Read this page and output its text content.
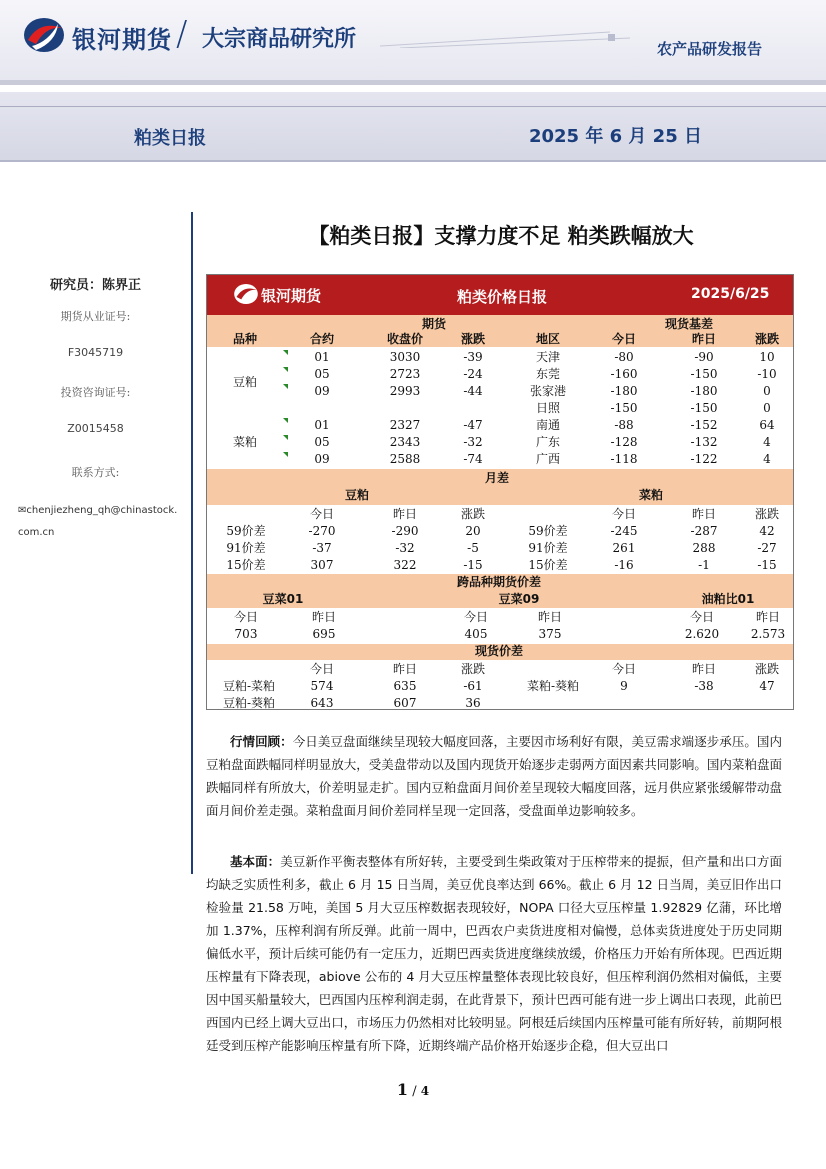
银河期货 / 大宗商品研究所	农产品研发报告
粕类日报	2025 年 6 月 25 日
研究员：陈界正
期货从业证号:
F3045719
投资咨询证号:
Z0015458
联系方式:
✉chenjiezheng_qh@chinastock.com.cn
【粕类日报】支撑力度不足 粕类跌幅放大
银河期货	粕类价格日报	2025/6/25
期货	现货基差
品种	合约	收盘价	涨跌	地区	今日	昨日	涨跌
豆粕
菜粕
01	3030	-39	天津	-80	-90	10
05	2723	-24	东莞	-160	-150	-10
09	2993	-44	张家港	-180	-180	0
日照	-150	-150	0
01	2327	-47	南通	-88	-152	64
05	2343	-32	广东	-128	-132	4
09	2588	-74	广西	-118	-122	4
月差
豆粕	菜粕
今日	昨日	涨跌	今日	昨日	涨跌
59价差	-270	-290	20	59价差	-245	-287	42
91价差	-37	-32	-5	91价差	261	288	-27
15价差	307	322	-15	15价差	-16	-1	-15
跨品种期货价差
豆菜01	豆菜09	油粕比01
今日	昨日	今日	昨日	今日	昨日
703	695	405	375	2.620	2.573
现货价差
今日	昨日	涨跌	今日	昨日	涨跌
豆粕-菜粕	574	635	-61	菜粕-葵粕	9	-38	47
豆粕-葵粕	643	607	36
行情回顾：今日美豆盘面继续呈现较大幅度回落，主要因市场利好有限，美豆需求端逐步承压。国内豆粕盘面跌幅同样明显放大，受美盘带动以及国内现货开始逐步走弱两方面因素共同影响。国内菜粕盘面跌幅同样有所放大，价差明显走扩。国内豆粕盘面月间价差呈现较大幅度回落，远月供应紧张缓解带动盘面月间价差走强。菜粕盘面月间价差同样呈现一定回落，受盘面单边影响较多。
基本面：美豆新作平衡表整体有所好转，主要受到生柴政策对于压榨带来的提振，但产量和出口方面均缺乏实质性利多，截止 6 月 15 日当周，美豆优良率达到 66%。截止 6 月 12 日当周，美豆旧作出口检验量 21.58 万吨，美国 5 月大豆压榨数据表现较好，NOPA 口径大豆压榨量 1.92829 亿蒲，环比增加 1.37%，压榨利润有所反弹。此前一周中，巴西农户卖货进度相对偏慢，总体卖货进度处于历史同期偏低水平，预计后续可能仍有一定压力，近期巴西卖货进度继续放缓，价格压力开始有所体现。巴西近期压榨量有下降表现，abiove 公布的 4 月大豆压榨量整体表现比较良好，但压榨利润仍然相对偏低，主要因中国买船量较大，巴西国内压榨利润走弱，在此背景下，预计巴西可能有进一步上调出口表现，此前巴西国内已经上调大豆出口，市场压力仍然相对比较明显。阿根廷后续国内压榨量可能有所好转，前期阿根廷受到压榨产能影响压榨量有所下降，近期终端产品价格开始逐步企稳，但大豆出口
1 / 4
